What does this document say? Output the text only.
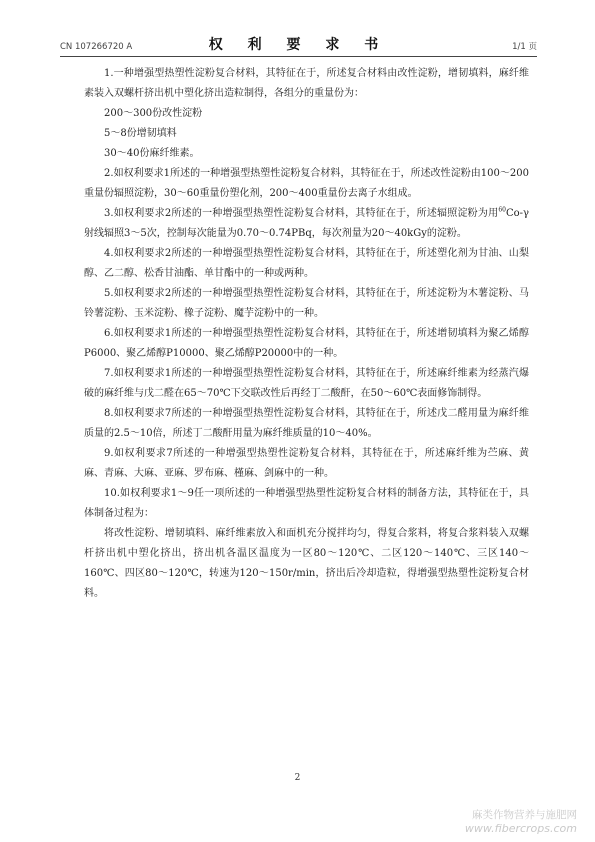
CN 107266720 A	权 利 要 求 书	1/1 页

1.一种增强型热塑性淀粉复合材料，其特征在于，所述复合材料由改性淀粉，增韧填料，麻纤维素装入双螺杆挤出机中塑化挤出造粒制得，各组分的重量份为：

200～300份改性淀粉

5～8份增韧填料

30～40份麻纤维素。

2.如权利要求1所述的一种增强型热塑性淀粉复合材料，其特征在于，所述改性淀粉由100～200重量份辐照淀粉，30～60重量份塑化剂，200～400重量份去离子水组成。

3.如权利要求2所述的一种增强型热塑性淀粉复合材料，其特征在于，所述辐照淀粉为用$^{60}$Co-γ射线辐照3～5次，控制每次能量为0.70～0.74PBq，每次剂量为20～40kGy的淀粉。

4.如权利要求2所述的一种增强型热塑性淀粉复合材料，其特征在于，所述塑化剂为甘油、山梨醇、乙二醇、松香甘油酯、单甘酯中的一种或两种。

5.如权利要求2所述的一种增强型热塑性淀粉复合材料，其特征在于，所述淀粉为木薯淀粉、马铃薯淀粉、玉米淀粉、橡子淀粉、魔芋淀粉中的一种。

6.如权利要求1所述的一种增强型热塑性淀粉复合材料，其特征在于，所述增韧填料为聚乙烯醇P6000、聚乙烯醇P10000、聚乙烯醇P20000中的一种。

7.如权利要求1所述的一种增强型热塑性淀粉复合材料，其特征在于，所述麻纤维素为经蒸汽爆破的麻纤维与戊二醛在65～70℃下交联改性后再经丁二酸酐，在50～60℃表面修饰制得。

8.如权利要求7所述的一种增强型热塑性淀粉复合材料，其特征在于，所述戊二醛用量为麻纤维质量的2.5～10倍，所述丁二酸酐用量为麻纤维质量的10～40%。

9.如权利要求7所述的一种增强型热塑性淀粉复合材料，其特征在于，所述麻纤维为苎麻、黄麻、青麻、大麻、亚麻、罗布麻、槿麻、剑麻中的一种。

10.如权利要求1～9任一项所述的一种增强型热塑性淀粉复合材料的制备方法，其特征在于，具体制备过程为：

将改性淀粉、增韧填料、麻纤维素放入和面机充分搅拌均匀，得复合浆料，将复合浆料装入双螺杆挤出机中塑化挤出，挤出机各温区温度为一区80～120℃、二区120～140℃、三区140～160℃、四区80～120℃，转速为120～150r/min，挤出后冷却造粒，得增强型热塑性淀粉复合材料。

2
麻类作物营养与施肥网
www.fibercrops.com
